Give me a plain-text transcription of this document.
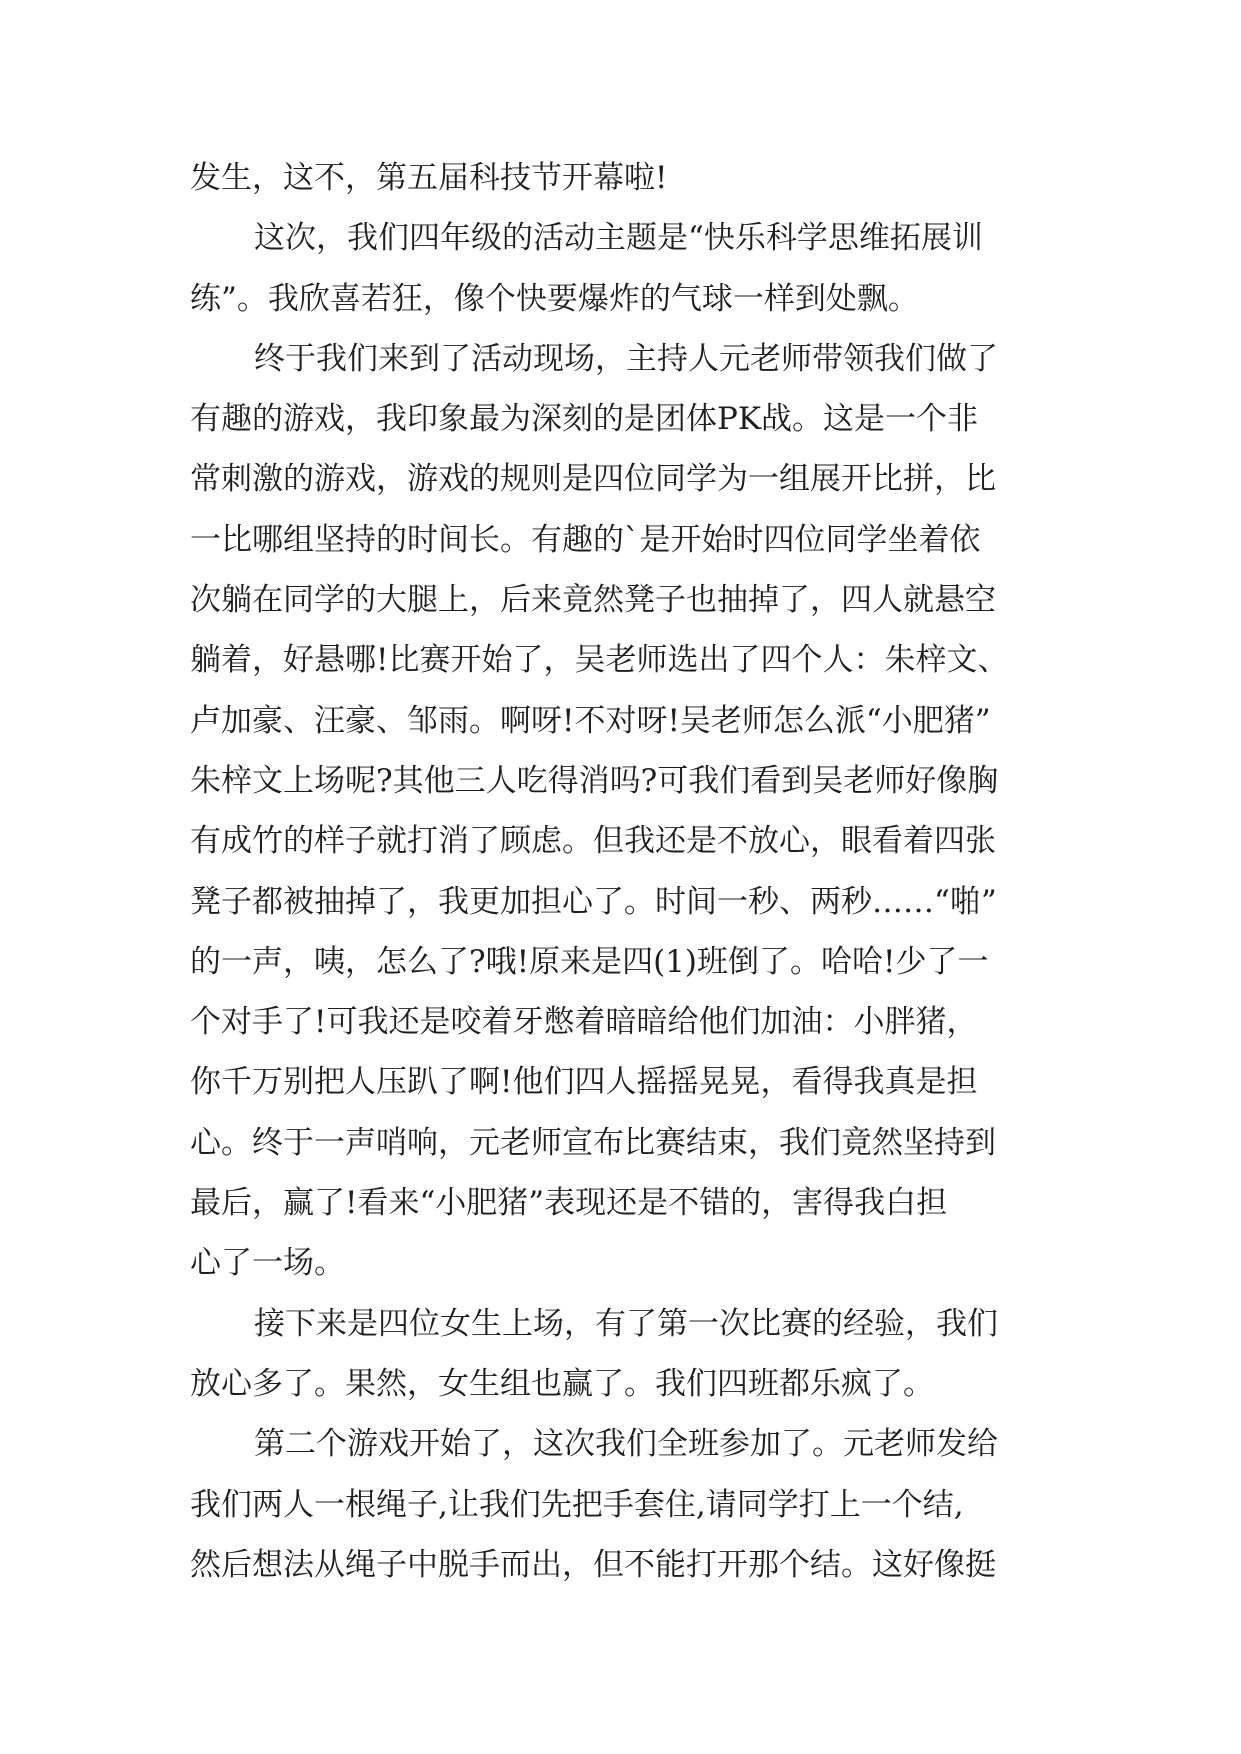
发生，这不，第五届科技节开幕啦!
这次，我们四年级的活动主题是“快乐科学思维拓展训
练”。我欣喜若狂，像个快要爆炸的气球一样到处飘。
终于我们来到了活动现场，主持人元老师带领我们做了
有趣的游戏，我印象最为深刻的是团体PK战。这是一个非
常刺激的游戏，游戏的规则是四位同学为一组展开比拼，比
一比哪组坚持的时间长。有趣的`是开始时四位同学坐着依
次躺在同学的大腿上，后来竟然凳子也抽掉了，四人就悬空
躺着，好悬哪!比赛开始了，吴老师选出了四个人：朱梓文、
卢加豪、汪豪、邹雨。啊呀!不对呀!吴老师怎么派“小肥猪”
朱梓文上场呢?其他三人吃得消吗?可我们看到吴老师好像胸
有成竹的样子就打消了顾虑。但我还是不放心，眼看着四张
凳子都被抽掉了，我更加担心了。时间一秒、两秒……“啪”
的一声，咦，怎么了?哦!原来是四(1)班倒了。哈哈!少了一
个对手了!可我还是咬着牙憋着暗暗给他们加油：小胖猪，
你千万别把人压趴了啊!他们四人摇摇晃晃，看得我真是担
心。终于一声哨响，元老师宣布比赛结束，我们竟然坚持到
最后，赢了!看来“小肥猪”表现还是不错的，害得我白担
心了一场。
接下来是四位女生上场，有了第一次比赛的经验，我们
放心多了。果然，女生组也赢了。我们四班都乐疯了。
第二个游戏开始了，这次我们全班参加了。元老师发给
我们两人一根绳子,让我们先把手套住,请同学打上一个结,
然后想法从绳子中脱手而出，但不能打开那个结。这好像挺
